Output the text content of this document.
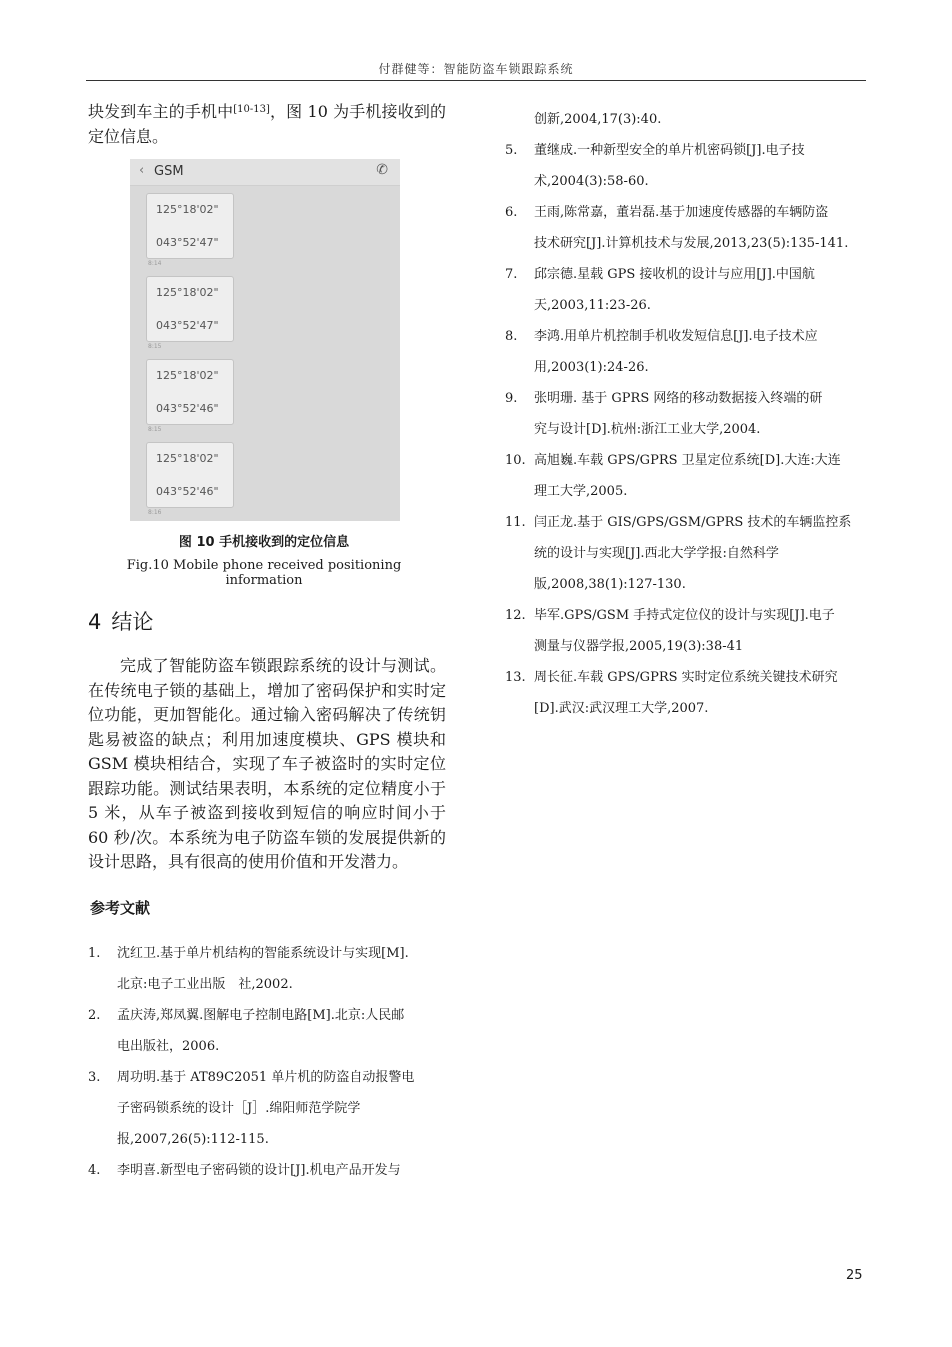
付群健等：智能防盗车锁跟踪系统

块发到车主的手机中[10-13]，图 10 为手机接收到的定位信息。

‹ GSM	✆
125°18'02"
043°52'47"
8:14
125°18'02"
043°52'47"
8:15
125°18'02"
043°52'46"
8:15
125°18'02"
043°52'46"
8:16
图 10 手机接收到的定位信息
Fig.10 Mobile phone received positioning information
4 结论

完成了智能防盗车锁跟踪系统的设计与测试。在传统电子锁的基础上，增加了密码保护和实时定位功能，更加智能化。通过输入密码解决了传统钥匙易被盗的缺点；利用加速度模块、GPS 模块和 GSM 模块相结合，实现了车子被盗时的实时定位跟踪功能。测试结果表明，本系统的定位精度小于 5 米，从车子被盗到接收到短信的响应时间小于 60 秒/次。本系统为电子防盗车锁的发展提供新的设计思路，具有很高的使用价值和开发潜力。

参考文献
1. 沈红卫.基于单片机结构的智能系统设计与实现[M].
北京:电子工业出版　社,2002.
2. 孟庆涛,郑凤翼.图解电子控制电路[M].北京:人民邮
电出版社，2006.
3. 周功明.基于 AT89C2051 单片机的防盗自动报警电
子密码锁系统的设计［J］.绵阳师范学院学
报,2007,26(5):112-115.
4. 李明喜.新型电子密码锁的设计[J].机电产品开发与
创新,2004,17(3):40.
5. 董继成.一种新型安全的单片机密码锁[J].电子技
术,2004(3):58-60.
6. 王雨,陈常嘉，董岩磊.基于加速度传感器的车辆防盗
技术研究[J].计算机技术与发展,2013,23(5):135-141.
7. 邱宗德.星载 GPS 接收机的设计与应用[J].中国航
天,2003,11:23-26.
8. 李鸿.用单片机控制手机收发短信息[J].电子技术应
用,2003(1):24-26.
9. 张明珊. 基于 GPRS 网络的移动数据接入终端的研
究与设计[D].杭州:浙江工业大学,2004.
10. 高旭巍.车载 GPS/GPRS 卫星定位系统[D].大连:大连
理工大学,2005.
11. 闫正龙.基于 GIS/GPS/GSM/GPRS 技术的车辆监控系
统的设计与实现[J].西北大学学报:自然科学
版,2008,38(1):127-130.
12. 毕军.GPS/GSM 手持式定位仪的设计与实现[J].电子
测量与仪器学报,2005,19(3):38-41
13. 周长征.车载 GPS/GPRS 实时定位系统关键技术研究
[D].武汉:武汉理工大学,2007.
25
